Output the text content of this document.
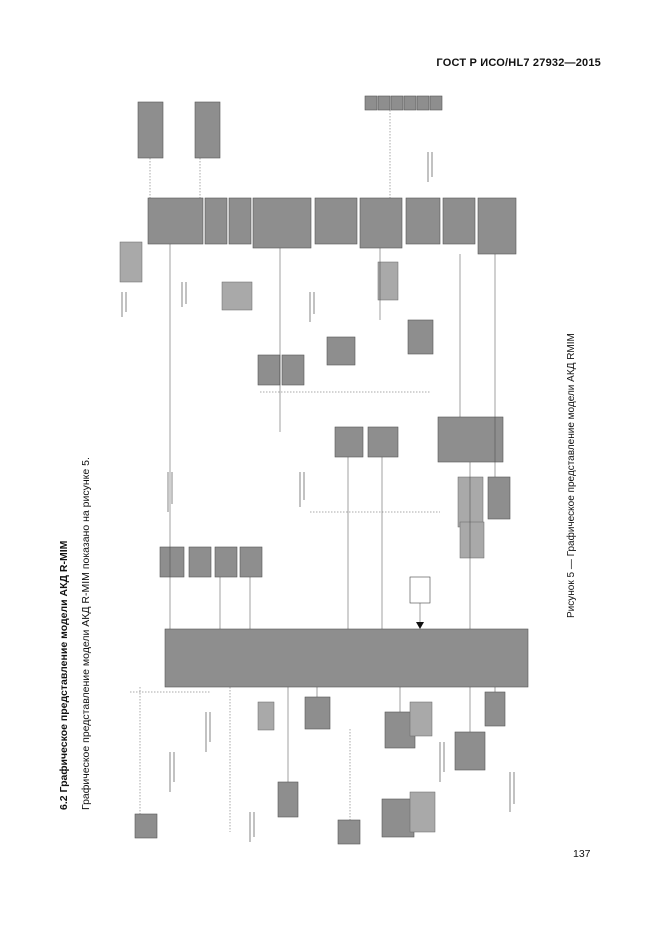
ГОСТ Р ИСО/HL7 27932—2015
6.2 Графическое представление модели АКД R-MIM Графическое представление модели АКД R-MIM показано на рисунке 5.	Рисунок 5 — Графическое представление модели АКД RMIM
137
